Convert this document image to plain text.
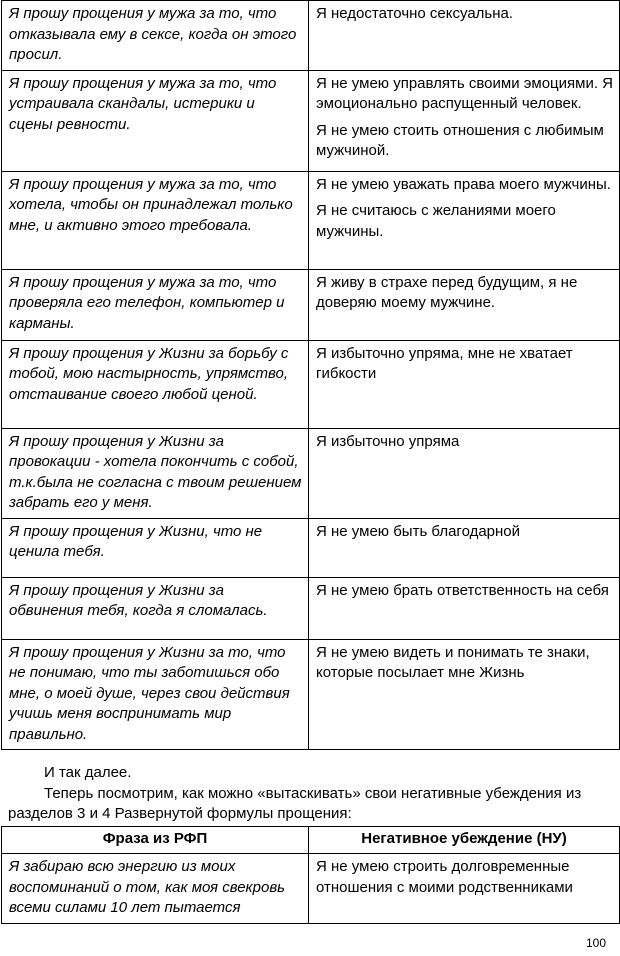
Я прошу прощения у мужа за то, что отказывала ему в сексе, когда он этого просил.	Я недостаточно сексуальна.

Я прошу прощения у мужа за то, что устраивала скандалы, истерики и сцены ревности.	Я не умею управлять своими эмоциями. Я эмоционально распущенный человек.

Я не умею стоить отношения с любимым мужчиной.

Я прошу прощения у мужа за то, что хотела, чтобы он принадлежал только мне, и активно этого требовала.	Я не умею уважать права моего мужчины.

Я не считаюсь с желаниями моего мужчины.

Я прошу прощения у мужа за то, что проверяла его телефон, компьютер и карманы.	Я живу в страхе перед будущим, я не доверяю моему мужчине.

Я прошу прощения у Жизни за борьбу с тобой, мою настырность, упрямство, отстаивание своего любой ценой.	Я избыточно упряма, мне не хватает гибкости

Я прошу прощения у Жизни за провокации - хотела покончить с собой, т.к.была не согласна с твоим решением забрать его у меня.	Я избыточно упряма

Я прошу прощения у Жизни, что не ценила тебя.	Я не умею быть благодарной

Я прошу прощения у Жизни за обвинения тебя, когда я сломалась.	Я не умею брать ответственность на себя

Я прошу прощения у Жизни за то, что не понимаю, что ты заботишься обо мне, о моей душе, через свои действия учишь меня воспринимать мир правильно.	Я не умею видеть и понимать те знаки, которые посылает мне Жизнь

И так далее.

Теперь посмотрим, как можно «вытаскивать» свои негативные убеждения из разделов 3 и 4 Развернутой формулы прощения:

Фраза из РФП	Негативное убеждение (НУ)
Я забираю всю энергию из моих воспоминаний о том, как моя свекровь всеми силами 10 лет пытается	Я не умею строить долговременные отношения с моими родственниками

100
